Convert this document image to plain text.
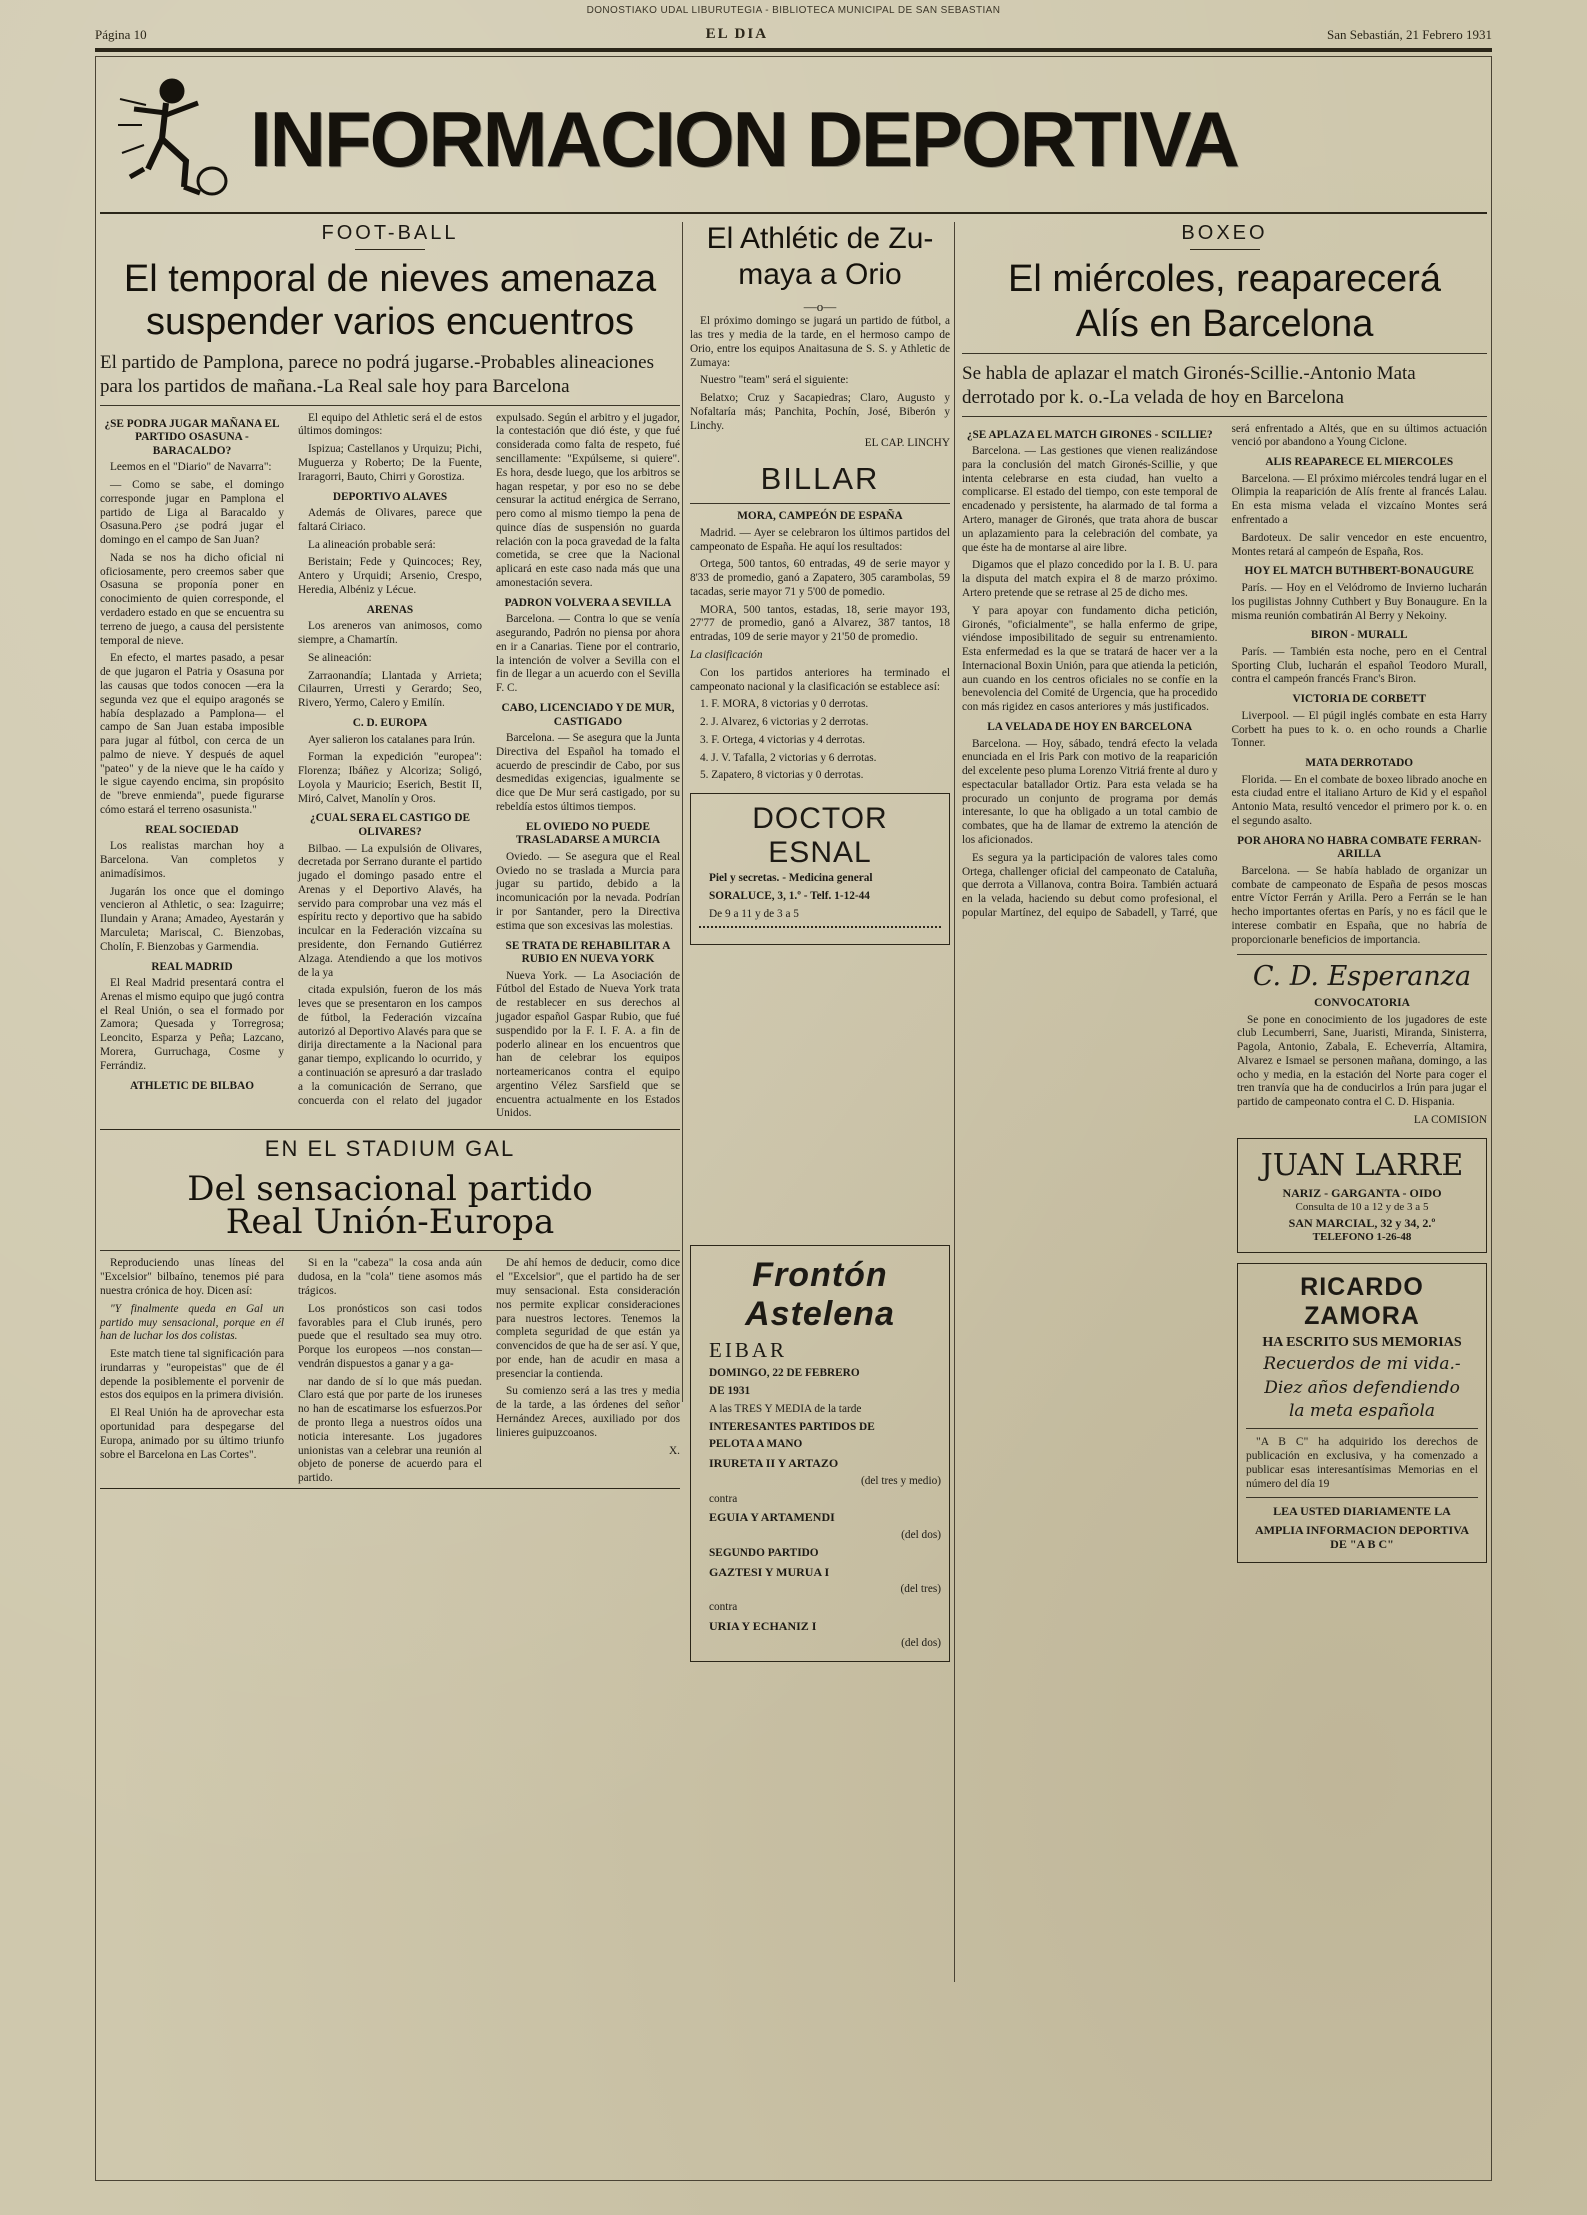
DONOSTIAKO UDAL LIBURUTEGIA - BIBLIOTECA MUNICIPAL DE SAN SEBASTIAN
Página 10	EL DIA	San Sebastián, 21 Febrero 1931
INFORMACION DEPORTIVA
FOOT-BALL
El temporal de nieves amenaza suspender varios encuentros
El partido de Pamplona, parece no podrá jugarse.-Probables alineaciones para los partidos de mañana.-La Real sale hoy para Barcelona

¿SE PODRA JUGAR MAÑANA EL PARTIDO OSASUNA - BARACALDO?

Leemos en el "Diario" de Navarra":

— Como se sabe, el domingo corresponde jugar en Pamplona el partido de Liga al Baracaldo y Osasuna.Pero ¿se podrá jugar el domingo en el campo de San Juan?

Nada se nos ha dicho oficial ni oficiosamente, pero creemos saber que Osasuna se proponía poner en conocimiento de quien corresponde, el verdadero estado en que se encuentra su terreno de juego, a causa del persistente temporal de nieve.

En efecto, el martes pasado, a pesar de que jugaron el Patria y Osasuna por las causas que todos conocen —era la segunda vez que el equipo aragonés se había desplazado a Pamplona— el campo de San Juan estaba imposible para jugar al fútbol, con cerca de un palmo de nieve. Y después de aquel "pateo" y de la nieve que le ha caído y le sigue cayendo encima, sin propósito de "breve enmienda", puede figurarse cómo estará el terreno osasunista."

REAL SOCIEDAD

Los realistas marchan hoy a Barcelona. Van completos y animadísimos.

Jugarán los once que el domingo vencieron al Athletic, o sea: Izaguirre; Ilundain y Arana; Amadeo, Ayestarán y Marculeta; Mariscal, C. Bienzobas, Cholín, F. Bienzobas y Garmendia.

REAL MADRID

El Real Madrid presentará contra el Arenas el mismo equipo que jugó contra el Real Unión, o sea el formado por Zamora; Quesada y Torregrosa; Leoncito, Esparza y Peña; Lazcano, Morera, Gurruchaga, Cosme y Ferrándiz.

ATHLETIC DE BILBAO

El equipo del Athletic será el de estos últimos domingos:

Ispizua; Castellanos y Urquizu; Pichi, Muguerza y Roberto; De la Fuente, Iraragorri, Bauto, Chirri y Gorostiza.

DEPORTIVO ALAVES

Además de Olivares, parece que faltará Ciriaco.

La alineación probable será:

Beristain; Fede y Quincoces; Rey, Antero y Urquidi; Arsenio, Crespo, Heredia, Albéniz y Lécue.

ARENAS

Los areneros van animosos, como siempre, a Chamartín.

Se alineación:

Zarraonandía; Llantada y Arrieta; Cilaurren, Urresti y Gerardo; Seo, Rivero, Yermo, Calero y Emilín.

C. D. EUROPA

Ayer salieron los catalanes para Irún.

Forman la expedición "europea": Florenza; Ibáñez y Alcoriza; Soligó, Loyola y Mauricio; Eserich, Bestit II, Miró, Calvet, Manolín y Oros.

¿CUAL SERA EL CASTIGO DE OLIVARES?

Bilbao. — La expulsión de Olivares, decretada por Serrano durante el partido jugado el domingo pasado entre el Arenas y el Deportivo Alavés, ha servido para comprobar una vez más el espíritu recto y deportivo que ha sabido inculcar en la Federación vizcaína su presidente, don Fernando Gutiérrez Alzaga. Atendiendo a que los motivos de la ya

citada expulsión, fueron de los más leves que se presentaron en los campos de fútbol, la Federación vizcaína autorizó al Deportivo Alavés para que se dirija directamente a la Nacional para ganar tiempo, explicando lo ocurrido, y a continuación se apresuró a dar traslado a la comunicación de Serrano, que concuerda con el relato del jugador expulsado. Según el arbitro y el jugador, la contestación que dió éste, y que fué considerada como falta de respeto, fué sencillamente: "Expúlseme, si quiere". Es hora, desde luego, que los arbitros se hagan respetar, y por eso no se debe censurar la actitud enérgica de Serrano, pero como al mismo tiempo la pena de quince días de suspensión no guarda relación con la poca gravedad de la falta cometida, se cree que la Nacional aplicará en este caso nada más que una amonestación severa.

PADRON VOLVERA A SEVILLA

Barcelona. — Contra lo que se venía asegurando, Padrón no piensa por ahora en ir a Canarias. Tiene por el contrario, la intención de volver a Sevilla con el fin de llegar a un acuerdo con el Sevilla F. C.

CABO, LICENCIADO Y DE MUR, CASTIGADO

Barcelona. — Se asegura que la Junta Directiva del Español ha tomado el acuerdo de prescindir de Cabo, por sus desmedidas exigencias, igualmente se dice que De Mur será castigado, por su rebeldía estos últimos tiempos.

EL OVIEDO NO PUEDE TRASLADARSE A MURCIA

Oviedo. — Se asegura que el Real Oviedo no se traslada a Murcia para jugar su partido, debido a la incomunicación por la nevada. Podrían ir por Santander, pero la Directiva estima que son excesivas las molestias.

SE TRATA DE REHABILITAR A RUBIO EN NUEVA YORK

Nueva York. — La Asociación de Fútbol del Estado de Nueva York trata de restablecer en sus derechos al jugador español Gaspar Rubio, que fué suspendido por la F. I. F. A. a fin de poderlo alinear en los encuentros que han de celebrar los equipos norteamericanos contra el equipo argentino Vélez Sarsfield que se encuentra actualmente en los Estados Unidos.

EN EL STADIUM GAL
Del sensacional partido
Real Unión-Europa

Reproduciendo unas líneas del "Excelsior" bilbaíno, tenemos pié para nuestra crónica de hoy. Dicen así:

"Y finalmente queda en Gal un partido muy sensacional, porque en él han de luchar los dos colistas.

Este match tiene tal significación para irundarras y "europeistas" que de él depende la posiblemente el porvenir de estos dos equipos en la primera división.

El Real Unión ha de aprovechar esta oportunidad para despegarse del Europa, animado por su último triunfo sobre el Barcelona en Las Cortes".

Si en la "cabeza" la cosa anda aún dudosa, en la "cola" tiene asomos más trágicos.

Los pronósticos son casi todos favorables para el Club irunés, pero puede que el resultado sea muy otro. Porque los europeos —nos constan— vendrán dispuestos a ganar y a ga-

nar dando de sí lo que más puedan. Claro está que por parte de los iruneses no han de escatimarse los esfuerzos.Por de pronto llega a nuestros oídos una noticia interesante. Los jugadores unionistas van a celebrar una reunión al objeto de ponerse de acuerdo para el partido.

De ahí hemos de deducir, como dice el "Excelsior", que el partido ha de ser muy sensacional. Esta consideración nos permite explicar consideraciones para nuestros lectores. Tenemos la completa seguridad de que están ya convencidos de que ha de ser así. Y que, por ende, han de acudir en masa a presenciar la contienda.

Su comienzo será a las tres y media de la tarde, a las órdenes del señor Hernández Areces, auxiliado por dos linieres guipuzcoanos.

X.

El Athlétic de Zu-
maya a Orio
—o—

El próximo domingo se jugará un partido de fútbol, a las tres y media de la tarde, en el hermoso campo de Orio, entre los equipos Anaitasuna de S. S. y Athletic de Zumaya:

Nuestro "team" será el siguiente:

Belatxo; Cruz y Sacapiedras; Claro, Augusto y Nofaltaría más; Panchita, Pochín, José, Biberón y Linchy.

EL CAP. LINCHY

BILLAR

MORA, CAMPEÓN DE ESPAÑA

Madrid. — Ayer se celebraron los últimos partidos del campeonato de España. He aquí los resultados:

Ortega, 500 tantos, 60 entradas, 49 de serie mayor y 8'33 de promedio, ganó a Zapatero, 305 carambolas, 59 tacadas, serie mayor 71 y 5'00 de pomedio.

MORA, 500 tantos, estadas, 18, serie mayor 193, 27'77 de promedio, ganó a Alvarez, 387 tantos, 18 entradas, 109 de serie mayor y 21'50 de promedio.

La clasificación

Con los partidos anteriores ha terminado el campeonato nacional y la clasificación se establece así:

1. F. MORA, 8 victorias y 0 derrotas.

2. J. Alvarez, 6 victorias y 2 derrotas.

3. F. Ortega, 4 victorias y 4 derrotas.

4. J. V. Tafalla, 2 victorias y 6 derrotas.

5. Zapatero, 8 victorias y 0 derrotas.

DOCTOR ESNAL

Piel y secretas. - Medicina general

SORALUCE, 3, 1.º - Telf. 1-12-44

De 9 a 11 y de 3 a 5

Frontón Astelena

EIBAR

DOMINGO, 22 DE FEBRERO

DE 1931

A las TRES Y MEDIA de la tarde

INTERESANTES PARTIDOS DE

PELOTA A MANO

IRURETA II Y ARTAZO

(del tres y medio)

contra

EGUIA Y ARTAMENDI

(del dos)

SEGUNDO PARTIDO

GAZTESI Y MURUA I

(del tres)

contra

URIA Y ECHANIZ I

(del dos)

BOXEO
El miércoles, reaparecerá
Alís en Barcelona
Se habla de aplazar el match Gironés-Scillie.-Antonio Mata derrotado por k. o.-La velada de hoy en Barcelona

¿SE APLAZA EL MATCH GIRONES - SCILLIE?

Barcelona. — Las gestiones que vienen realizándose para la conclusión del match Gironés-Scillie, y que intenta celebrarse en esta ciudad, han vuelto a complicarse. El estado del tiempo, con este temporal de encadenado y persistente, ha alarmado de tal forma a Artero, manager de Gironés, que trata ahora de buscar un aplazamiento para la celebración del combate, ya que éste ha de montarse al aire libre.

Digamos que el plazo concedido por la I. B. U. para la disputa del match expira el 8 de marzo próximo. Artero pretende que se retrase al 25 de dicho mes.

Y para apoyar con fundamento dicha petición, Gironés, "oficialmente", se halla enfermo de gripe, viéndose imposibilitado de seguir su entrenamiento. Esta enfermedad es la que se tratará de hacer ver a la Internacional Boxin Unión, para que atienda la petición, aun cuando en los centros oficiales no se confíe en la benevolencia del Comité de Urgencia, que ha procedido con más rigidez en casos anteriores y más justificados.

LA VELADA DE HOY EN BARCELONA

Barcelona. — Hoy, sábado, tendrá efecto la velada enunciada en el Iris Park con motivo de la reaparición del excelente peso pluma Lorenzo Vitriá frente al duro y espectacular batallador Ortiz. Para esta velada se ha procurado un conjunto de programa por demás interesante, lo que ha obligado a un total cambio de combates, que ha de llamar de extremo la atención de los aficionados.

Es segura ya la participación de valores tales como Ortega, challenger oficial del campeonato de Cataluña, que derrota a Villanova, contra Boira. También actuará en la velada, haciendo su debut como profesional, el popular Martínez, del equipo de Sabadell, y Tarré, que será enfrentado a Altés, que en su últimos actuación venció por abandono a Young Ciclone.

ALIS REAPARECE EL MIERCOLES

Barcelona. — El próximo miércoles tendrá lugar en el Olimpia la reaparición de Alís frente al francés Lalau. En esta misma velada el vizcaíno Montes será enfrentado a

Bardoteux. De salir vencedor en este encuentro, Montes retará al campeón de España, Ros.

HOY EL MATCH BUTHBERT-BONAUGURE

París. — Hoy en el Velódromo de Invierno lucharán los pugilistas Johnny Cuthbert y Buy Bonaugure. En la misma reunión combatirán Al Berry y Nekoiny.

BIRON - MURALL

París. — También esta noche, pero en el Central Sporting Club, lucharán el español Teodoro Murall, contra el campeón francés Franc's Biron.

VICTORIA DE CORBETT

Liverpool. — El púgil inglés combate en esta Harry Corbett ha pues to k. o. en ocho rounds a Charlie Tonner.

MATA DERROTADO

Florida. — En el combate de boxeo librado anoche en esta ciudad entre el italiano Arturo de Kid y el español Antonio Mata, resultó vencedor el primero por k. o. en el segundo asalto.

POR AHORA NO HABRA COMBATE FERRAN-ARILLA

Barcelona. — Se había hablado de organizar un combate de campeonato de España de pesos moscas entre Víctor Ferrán y Arilla. Pero a Ferrán se le han hecho importantes ofertas en París, y no es fácil que le interese combatir en España, que no habría de proporcionarle beneficios de importancia.

C. D. Esperanza

CONVOCATORIA

Se pone en conocimiento de los jugadores de este club Lecumberri, Sane, Juaristi, Miranda, Sinisterra, Pagola, Antonio, Zabala, E. Echeverría, Altamira, Alvarez e Ismael se personen mañana, domingo, a las ocho y media, en la estación del Norte para coger el tren tranvía que ha de conducirlos a Irún para jugar el partido de campeonato contra el C. D. Hispania.

LA COMISION

JUAN LARRE

NARIZ - GARGANTA - OIDO

Consulta de 10 a 12 y de 3 a 5

SAN MARCIAL, 32 y 34, 2.º

TELEFONO 1-26-48

RICARDO ZAMORA

HA ESCRITO SUS MEMORIAS

Recuerdos de mi vida.-

Diez años defendiendo

la meta española

"A B C" ha adquirido los derechos de publicación en exclusiva, y ha comenzado a publicar esas interesantísimas Memorias en el número del día 19

LEA USTED DIARIAMENTE LA

AMPLIA INFORMACION DEPORTIVA DE "A B C"
